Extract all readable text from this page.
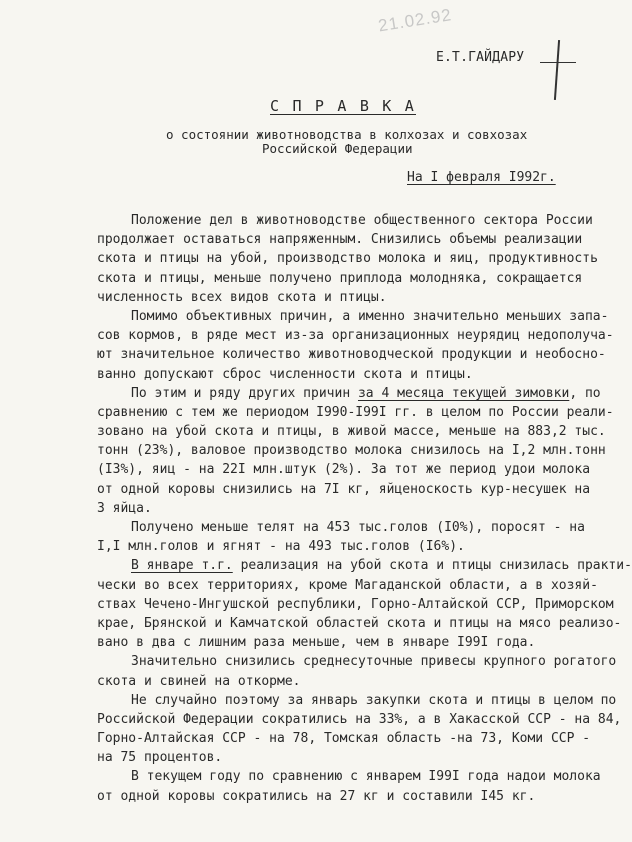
21.02.92
Е.Т.ГАЙДАРУ
С П Р А В К А
о состоянии животноводства в колхозах и совхозах
Российской Федерации
На I февраля I992г.
Положение дел в животноводстве общественного сектора России
продолжает оставаться напряженным. Снизились объемы реализации
скота и птицы на убой, производство молока и яиц, продуктивность
скота и птицы, меньше получено приплода молодняка, сокращается
численность всех видов скота и птицы.
Помимо объективных причин, а именно значительно меньших запа-
сов кормов, в ряде мест из-за организационных неурядиц недополуча-
ют значительное количество животноводческой продукции и необосно-
ванно допускают сброс численности скота и птицы.
По этим и ряду других причин за 4 месяца текущей зимовки, по
сравнению с тем же периодом I990-I99I гг. в целом по России реали-
зовано на убой скота и птицы, в живой массе, меньше на 883,2 тыс.
тонн (23%), валовое производство молока снизилось на I,2 млн.тонн
(I3%), яиц - на 22I млн.штук (2%). За тот же период удои молока
от одной коровы снизились на 7I кг, яйценоскость кур-несушек на
3 яйца.
Получено меньше телят на 453 тыс.голов (I0%), поросят - на
I,I млн.голов и ягнят - на 493 тыс.голов (I6%).
В январе т.г. реализация на убой скота и птицы снизилась практи-
чески во всех территориях, кроме Магаданской области, а в хозяй-
ствах Чечено-Ингушской республики, Горно-Алтайской ССР, Приморском
крае, Брянской и Камчатской областей скота и птицы на мясо реализо-
вано в два с лишним раза меньше, чем в январе I99I года.
Значительно снизились среднесуточные привесы крупного рогатого
скота и свиней на откорме.
Не случайно поэтому за январь закупки скота и птицы в целом по
Российской Федерации сократились на 33%, а в Хакасской ССР - на 84,
Горно-Алтайская ССР - на 78, Томская область -на 73, Коми ССР -
на 75 процентов.
В текущем году по сравнению с январем I99I года надои молока
от одной коровы сократились на 27 кг и составили I45 кг.
